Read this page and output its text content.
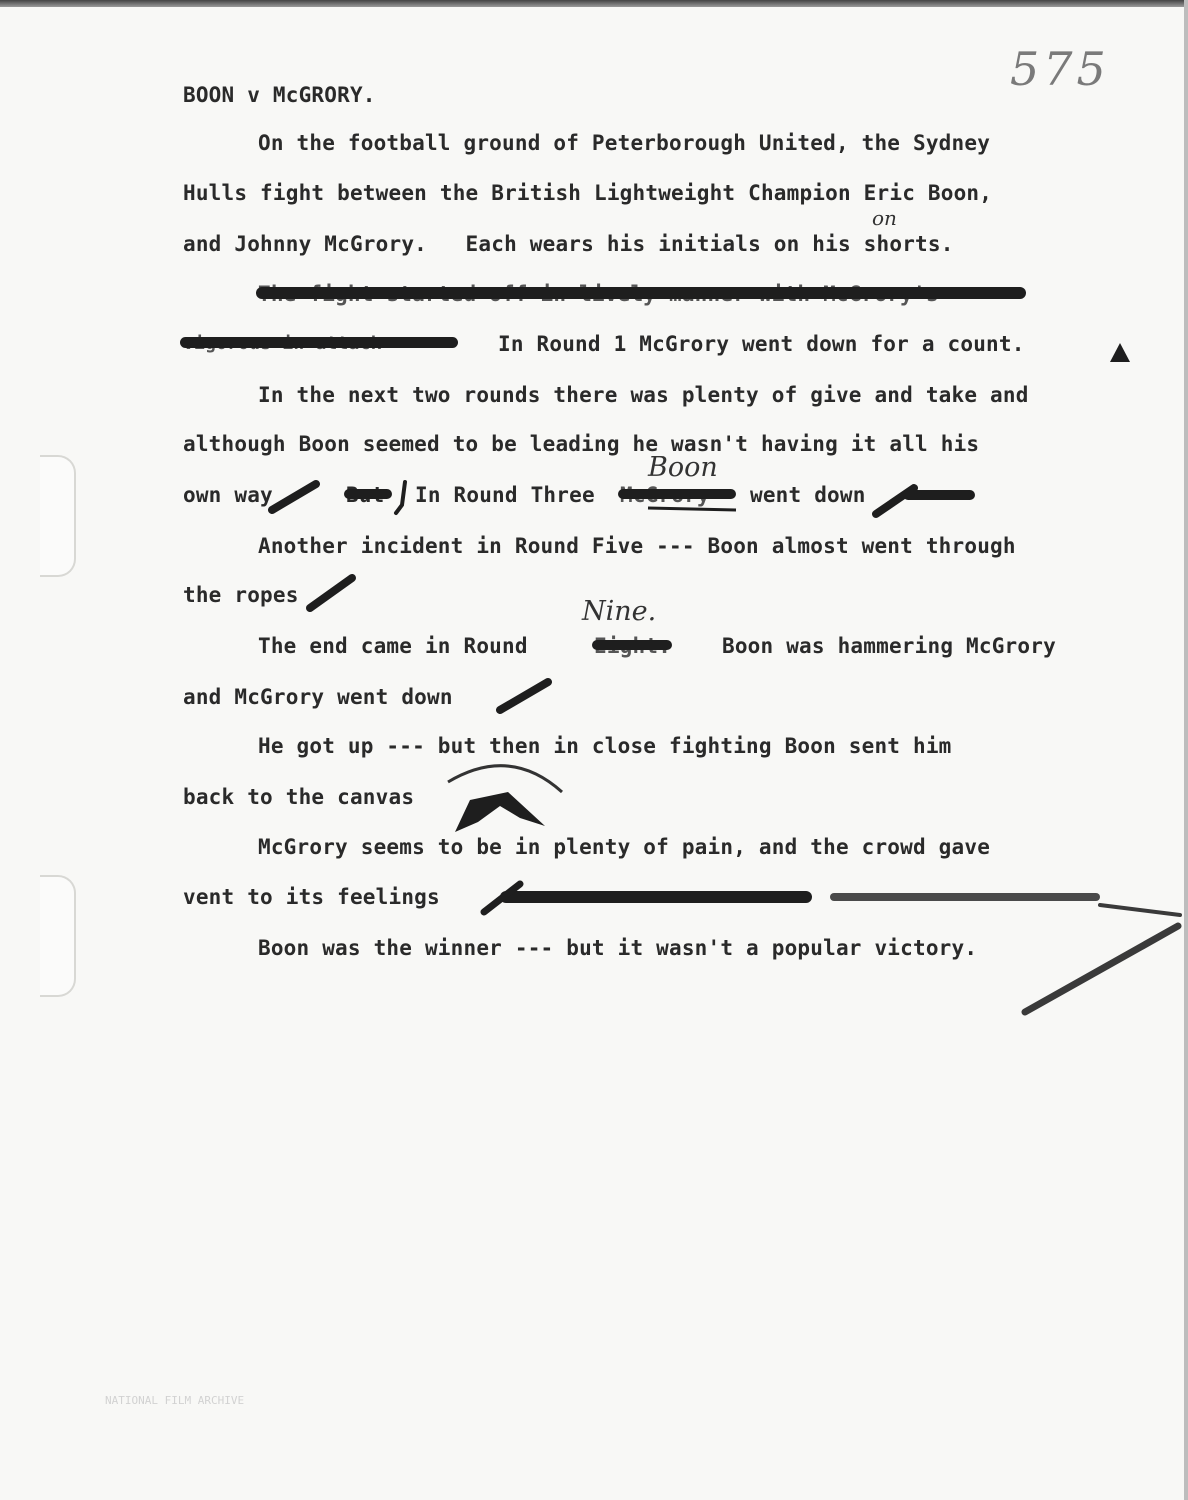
575
BOON v McGRORY.
On the football ground of Peterborough United, the Sydney
Hulls fight between the British Lightweight Champion Eric Boon,
and Johnny McGrory.   Each wears his initials on his shorts.
on
In Round 1 McGrory went down for a count.
In the next two rounds there was plenty of give and take and
although Boon seemed to be leading he wasn't having it all his
own way	In Round Three
Boon
went down
Another incident in Round Five --- Boon almost went through
the ropes
The end came in Round
Nine.
Boon was hammering McGrory
and McGrory went down
He got up --- but then in close fighting Boon sent him
back to the canvas
McGrory seems to be in plenty of pain, and the crowd gave
vent to its feelings
Boon was the winner --- but it wasn't a popular victory.
NATIONAL FILM ARCHIVE
